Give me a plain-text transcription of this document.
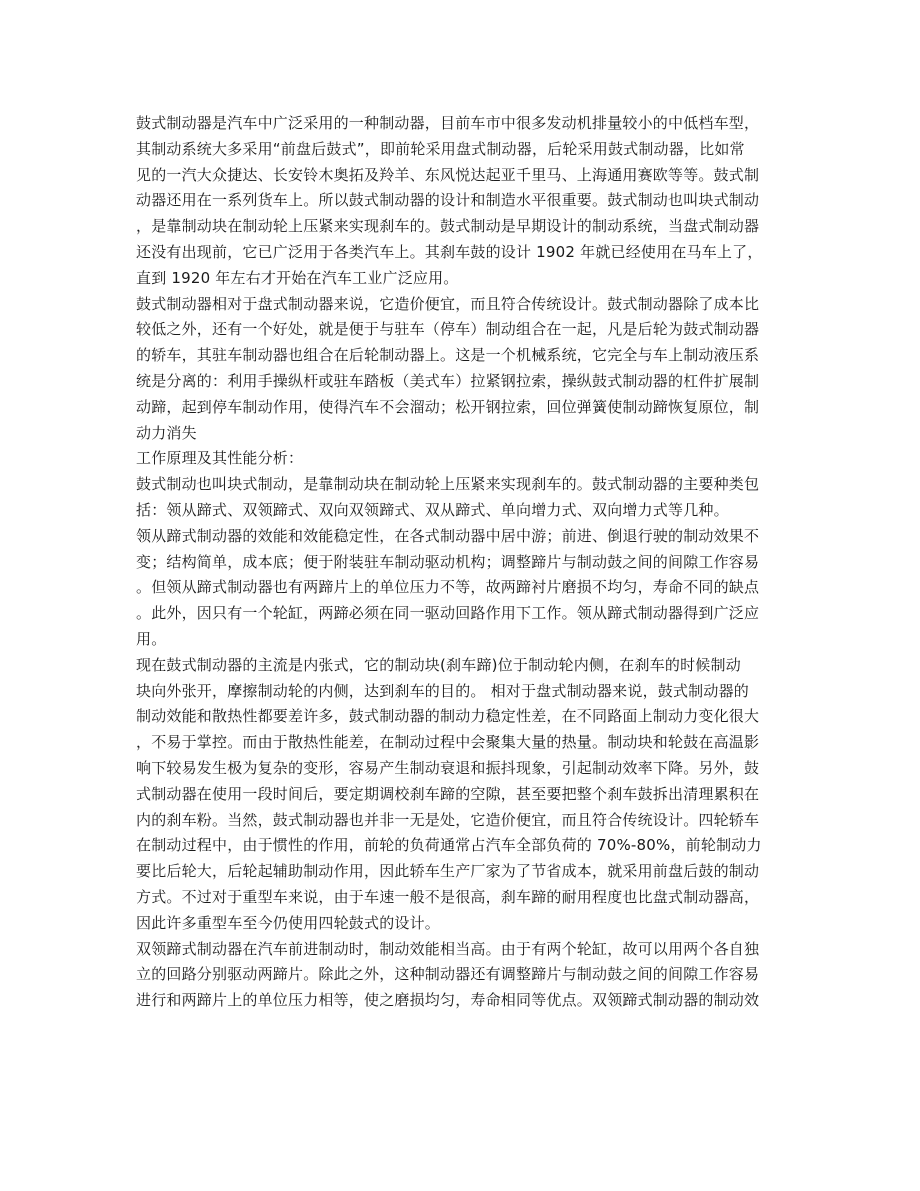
鼓式制动器是汽车中广泛采用的一种制动器，目前车市中很多发动机排量较小的中低档车型，
其制动系统大多采用“前盘后鼓式”，即前轮采用盘式制动器，后轮采用鼓式制动器，比如常
见的一汽大众捷达、长安铃木奥拓及羚羊、东风悦达起亚千里马、上海通用赛欧等等。鼓式制
动器还用在一系列货车上。所以鼓式制动器的设计和制造水平很重要。鼓式制动也叫块式制动
，是靠制动块在制动轮上压紧来实现刹车的。鼓式制动是早期设计的制动系统，当盘式制动器
还没有出现前，它已广泛用于各类汽车上。其刹车鼓的设计 1902 年就已经使用在马车上了，
直到 1920 年左右才开始在汽车工业广泛应用。

鼓式制动器相对于盘式制动器来说，它造价便宜，而且符合传统设计。鼓式制动器除了成本比
较低之外，还有一个好处，就是便于与驻车（停车）制动组合在一起，凡是后轮为鼓式制动器
的轿车，其驻车制动器也组合在后轮制动器上。这是一个机械系统，它完全与车上制动液压系
统是分离的：利用手操纵杆或驻车踏板（美式车）拉紧钢拉索，操纵鼓式制动器的杠件扩展制
动蹄，起到停车制动作用，使得汽车不会溜动；松开钢拉索，回位弹簧使制动蹄恢复原位，制
动力消失

工作原理及其性能分析：

鼓式制动也叫块式制动，是靠制动块在制动轮上压紧来实现刹车的。鼓式制动器的主要种类包
括：领从蹄式、双领蹄式、双向双领蹄式、双从蹄式、单向增力式、双向增力式等几种。

领从蹄式制动器的效能和效能稳定性，在各式制动器中居中游；前进、倒退行驶的制动效果不
变；结构简单，成本底；便于附装驻车制动驱动机构；调整蹄片与制动鼓之间的间隙工作容易
。但领从蹄式制动器也有两蹄片上的单位压力不等，故两蹄衬片磨损不均匀，寿命不同的缺点
。此外，因只有一个轮缸，两蹄必须在同一驱动回路作用下工作。领从蹄式制动器得到广泛应
用。

现在鼓式制动器的主流是内张式，它的制动块(刹车蹄)位于制动轮内侧，在刹车的时候制动
块向外张开，摩擦制动轮的内侧，达到刹车的目的。 相对于盘式制动器来说，鼓式制动器的
制动效能和散热性都要差许多，鼓式制动器的制动力稳定性差，在不同路面上制动力变化很大
，不易于掌控。而由于散热性能差，在制动过程中会聚集大量的热量。制动块和轮鼓在高温影
响下较易发生极为复杂的变形，容易产生制动衰退和振抖现象，引起制动效率下降。另外，鼓
式制动器在使用一段时间后，要定期调校刹车蹄的空隙，甚至要把整个刹车鼓拆出清理累积在
内的刹车粉。当然，鼓式制动器也并非一无是处，它造价便宜，而且符合传统设计。四轮轿车
在制动过程中，由于惯性的作用，前轮的负荷通常占汽车全部负荷的 70%-80%，前轮制动力
要比后轮大，后轮起辅助制动作用，因此轿车生产厂家为了节省成本，就采用前盘后鼓的制动
方式。不过对于重型车来说，由于车速一般不是很高，刹车蹄的耐用程度也比盘式制动器高，
因此许多重型车至今仍使用四轮鼓式的设计。

双领蹄式制动器在汽车前进制动时，制动效能相当高。由于有两个轮缸，故可以用两个各自独
立的回路分别驱动两蹄片。除此之外，这种制动器还有调整蹄片与制动鼓之间的间隙工作容易
进行和两蹄片上的单位压力相等，使之磨损均匀，寿命相同等优点。双领蹄式制动器的制动效
